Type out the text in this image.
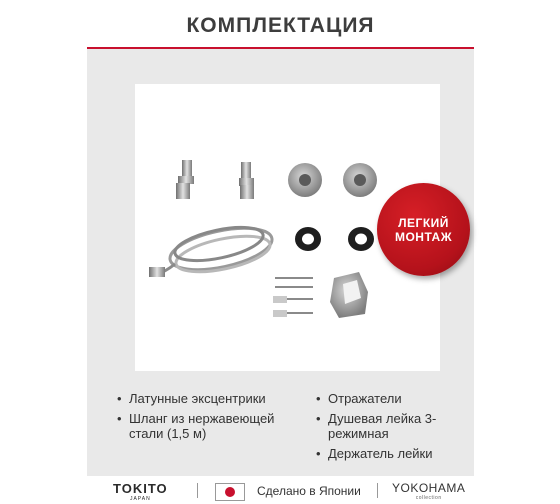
КОМПЛЕКТАЦИЯ
TOKITO
JAPAN
Сделано в Японии	YOKOHAMA
collection
ЛЕГКИЙ
МОНТАЖ
• Латунные эксцентрики
• Шланг из нержавеющей стали (1,5 м)
• Отражатели
• Душевая лейка 3-режимная
• Держатель лейки
